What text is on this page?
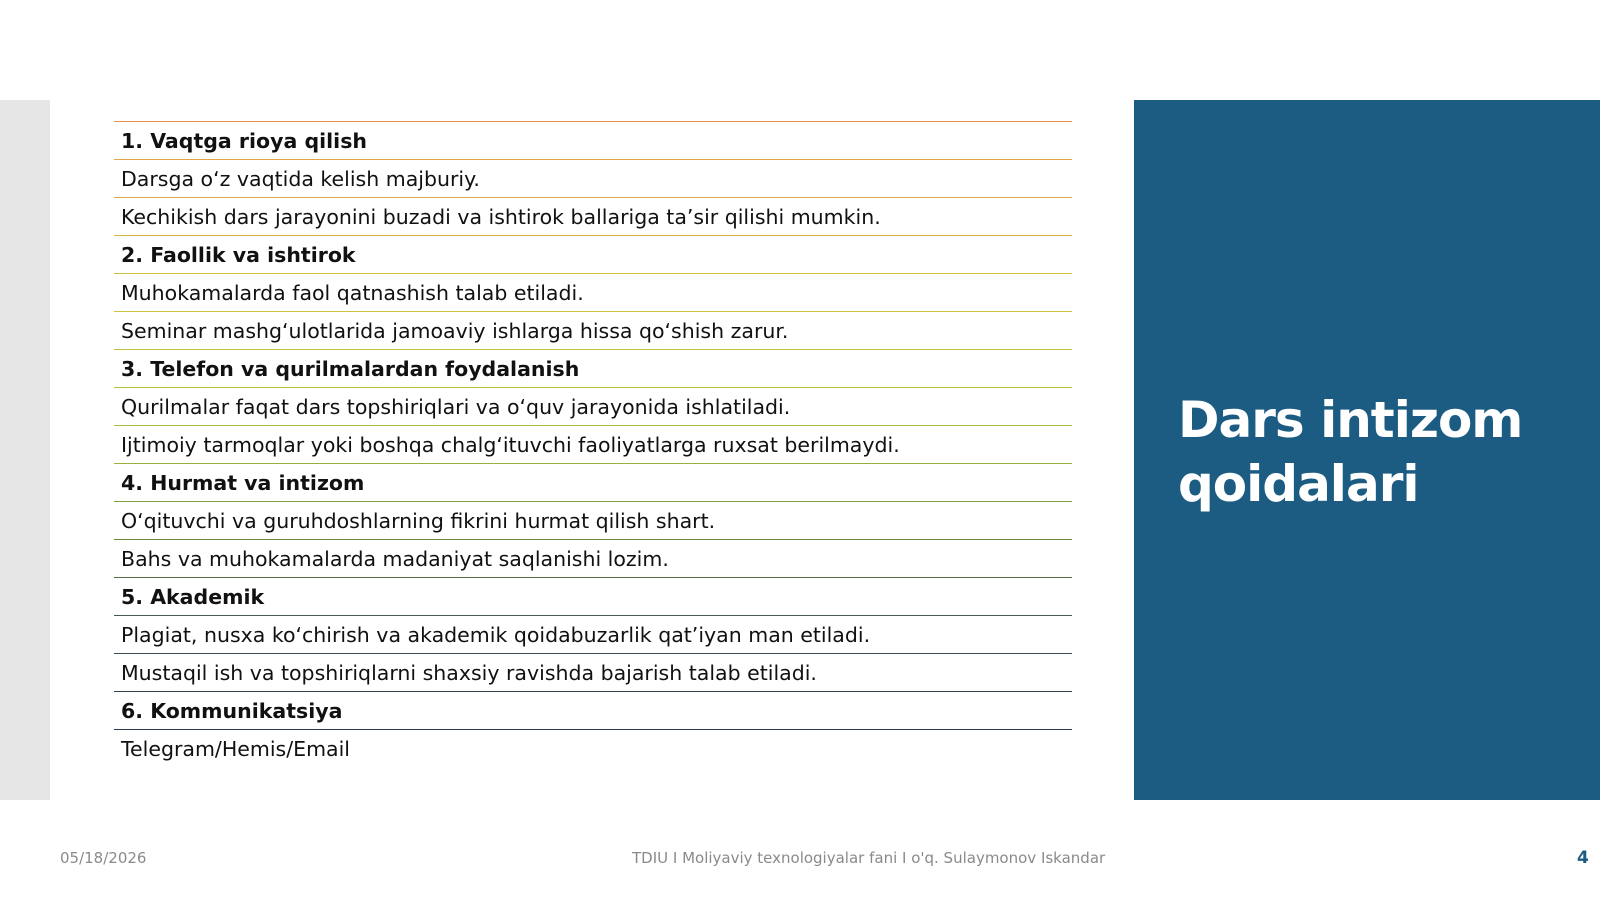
1. Vaqtga rioya qilish
Darsga o‘z vaqtida kelish majburiy.
Kechikish dars jarayonini buzadi va ishtirok ballariga ta’sir qilishi mumkin.
2. Faollik va ishtirok
Muhokamalarda faol qatnashish talab etiladi.
Seminar mashg‘ulotlarida jamoaviy ishlarga hissa qo‘shish zarur.
3. Telefon va qurilmalardan foydalanish
Qurilmalar faqat dars topshiriqlari va o‘quv jarayonida ishlatiladi.
Ijtimoiy tarmoqlar yoki boshqa chalg‘ituvchi faoliyatlarga ruxsat berilmaydi.
4. Hurmat va intizom
O‘qituvchi va guruhdoshlarning fikrini hurmat qilish shart.
Bahs va muhokamalarda madaniyat saqlanishi lozim.
5. Akademik
Plagiat, nusxa ko‘chirish va akademik qoidabuzarlik qat’iyan man etiladi.
Mustaqil ish va topshiriqlarni shaxsiy ravishda bajarish talab etiladi.
6. Kommunikatsiya
Telegram/Hemis/Email
Dars intizom qoidalari
05/18/2026	TDIU I Moliyaviy texnologiyalar fani I o'q. Sulaymonov Iskandar	4
